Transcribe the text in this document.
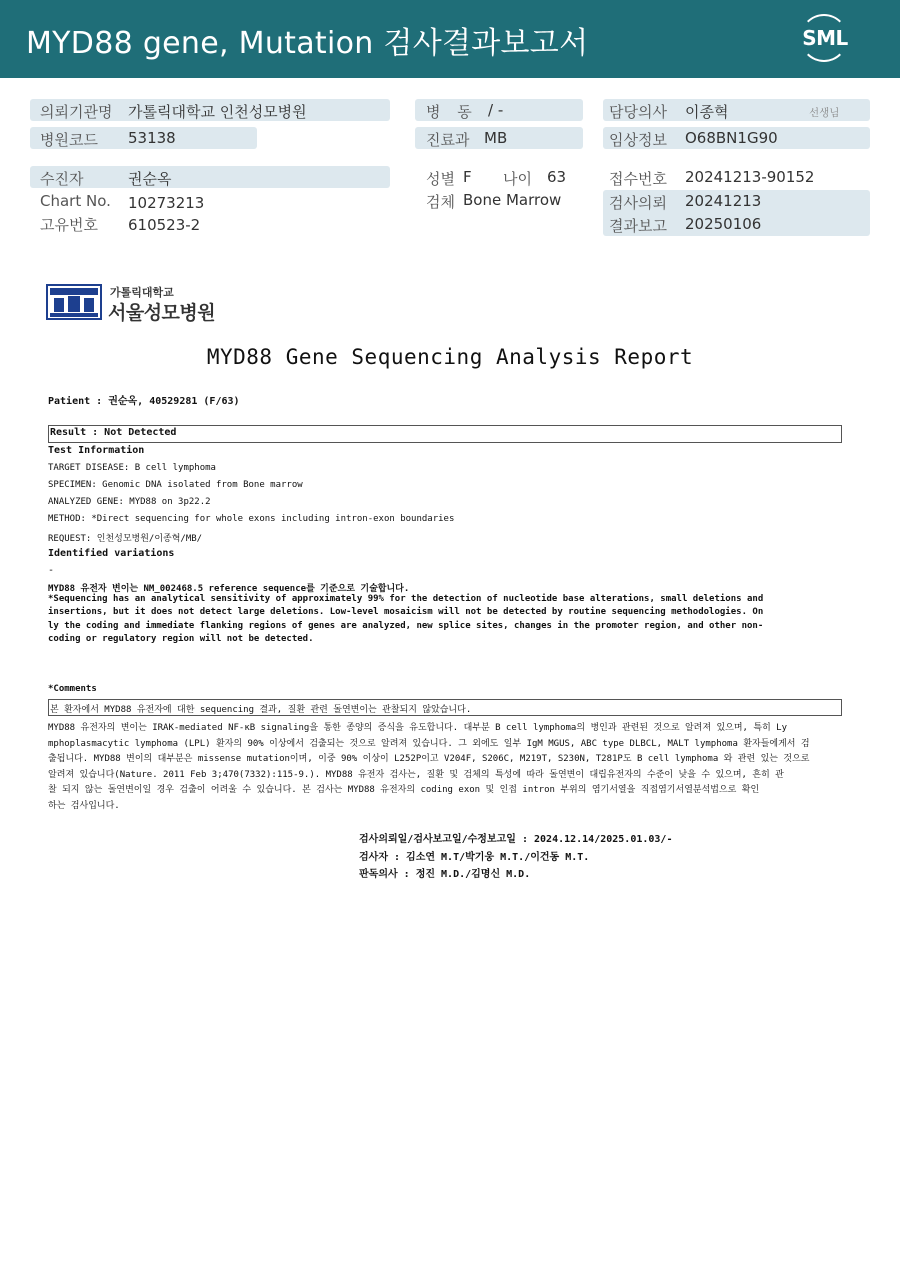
MYD88 gene, Mutation 검사결과보고서	SML
의뢰기관명 가톨릭대학교 인천성모병원
병원코드 53138
병 동 / -
진료과 MB
담당의사 이종혁	선생님
임상정보 O68BN1G90
수진자	권순옥
Chart No. 10273213
고유번호 610523-2
성별 F 나이 63
검체 Bone Marrow
접수번호 20241213-90152
검사의뢰 20241213
결과보고 20250106
가톨릭대학교
서울성모병원
MYD88 Gene Sequencing Analysis Report
Patient : 권순옥, 40529281 (F/63)
Result : Not Detected
Test Information
TARGET DISEASE: B cell lymphoma
SPECIMEN: Genomic DNA isolated from Bone marrow
ANALYZED GENE: MYD88 on 3p22.2
METHOD: *Direct sequencing for whole exons including intron-exon boundaries
REQUEST: 인천성모병원/이종혁/MB/
Identified variations
-
MYD88 유전자 변이는 NM_002468.5 reference sequence를 기준으로 기술합니다.
*Sequencing has an analytical sensitivity of approximately 99% for the detection of nucleotide base alterations, small deletions and
insertions, but it does not detect large deletions. Low-level mosaicism will not be detected by routine sequencing methodologies. On
ly the coding and immediate flanking regions of genes are analyzed, new splice sites, changes in the promoter region, and other non-
coding or regulatory region will not be detected.
*Comments
본 환자에서 MYD88 유전자에 대한 sequencing 결과, 질환 관련 돌연변이는 관찰되지 않았습니다.
MYD88 유전자의 변이는 IRAK-mediated NF-κB signaling을 통한 종양의 증식을 유도합니다. 대부분 B cell lymphoma의 병인과 관련된 것으로 알려져 있으며, 특히 Ly
mphoplasmacytic lymphoma (LPL) 환자의 90% 이상에서 검출되는 것으로 알려져 있습니다. 그 외에도 일부 IgM MGUS, ABC type DLBCL, MALT lymphoma 환자들에게서 검
출됩니다. MYD88 변이의 대부분은 missense mutation이며, 이중 90% 이상이 L252P이고 V204F, S206C, M219T, S230N, T281P도 B cell lymphoma 와 관련 있는 것으로
알려져 있습니다(Nature. 2011 Feb 3;470(7332):115-9.). MYD88 유전자 검사는, 질환 및 검체의 특성에 따라 돌연변이 대립유전자의 수준이 낮을 수 있으며, 흔히 관
찰 되지 않는 돌연변이일 경우 검출이 어려울 수 있습니다. 본 검사는 MYD88 유전자의 coding exon 및 인접 intron 부위의 염기서열을 직접염기서열분석법으로 확인
하는 검사입니다.
검사의뢰일/검사보고일/수정보고일 : 2024.12.14/2025.01.03/-
검사자 : 김소연 M.T/박기웅 M.T./이건동 M.T.
판독의사 : 정진 M.D./김명신 M.D.
